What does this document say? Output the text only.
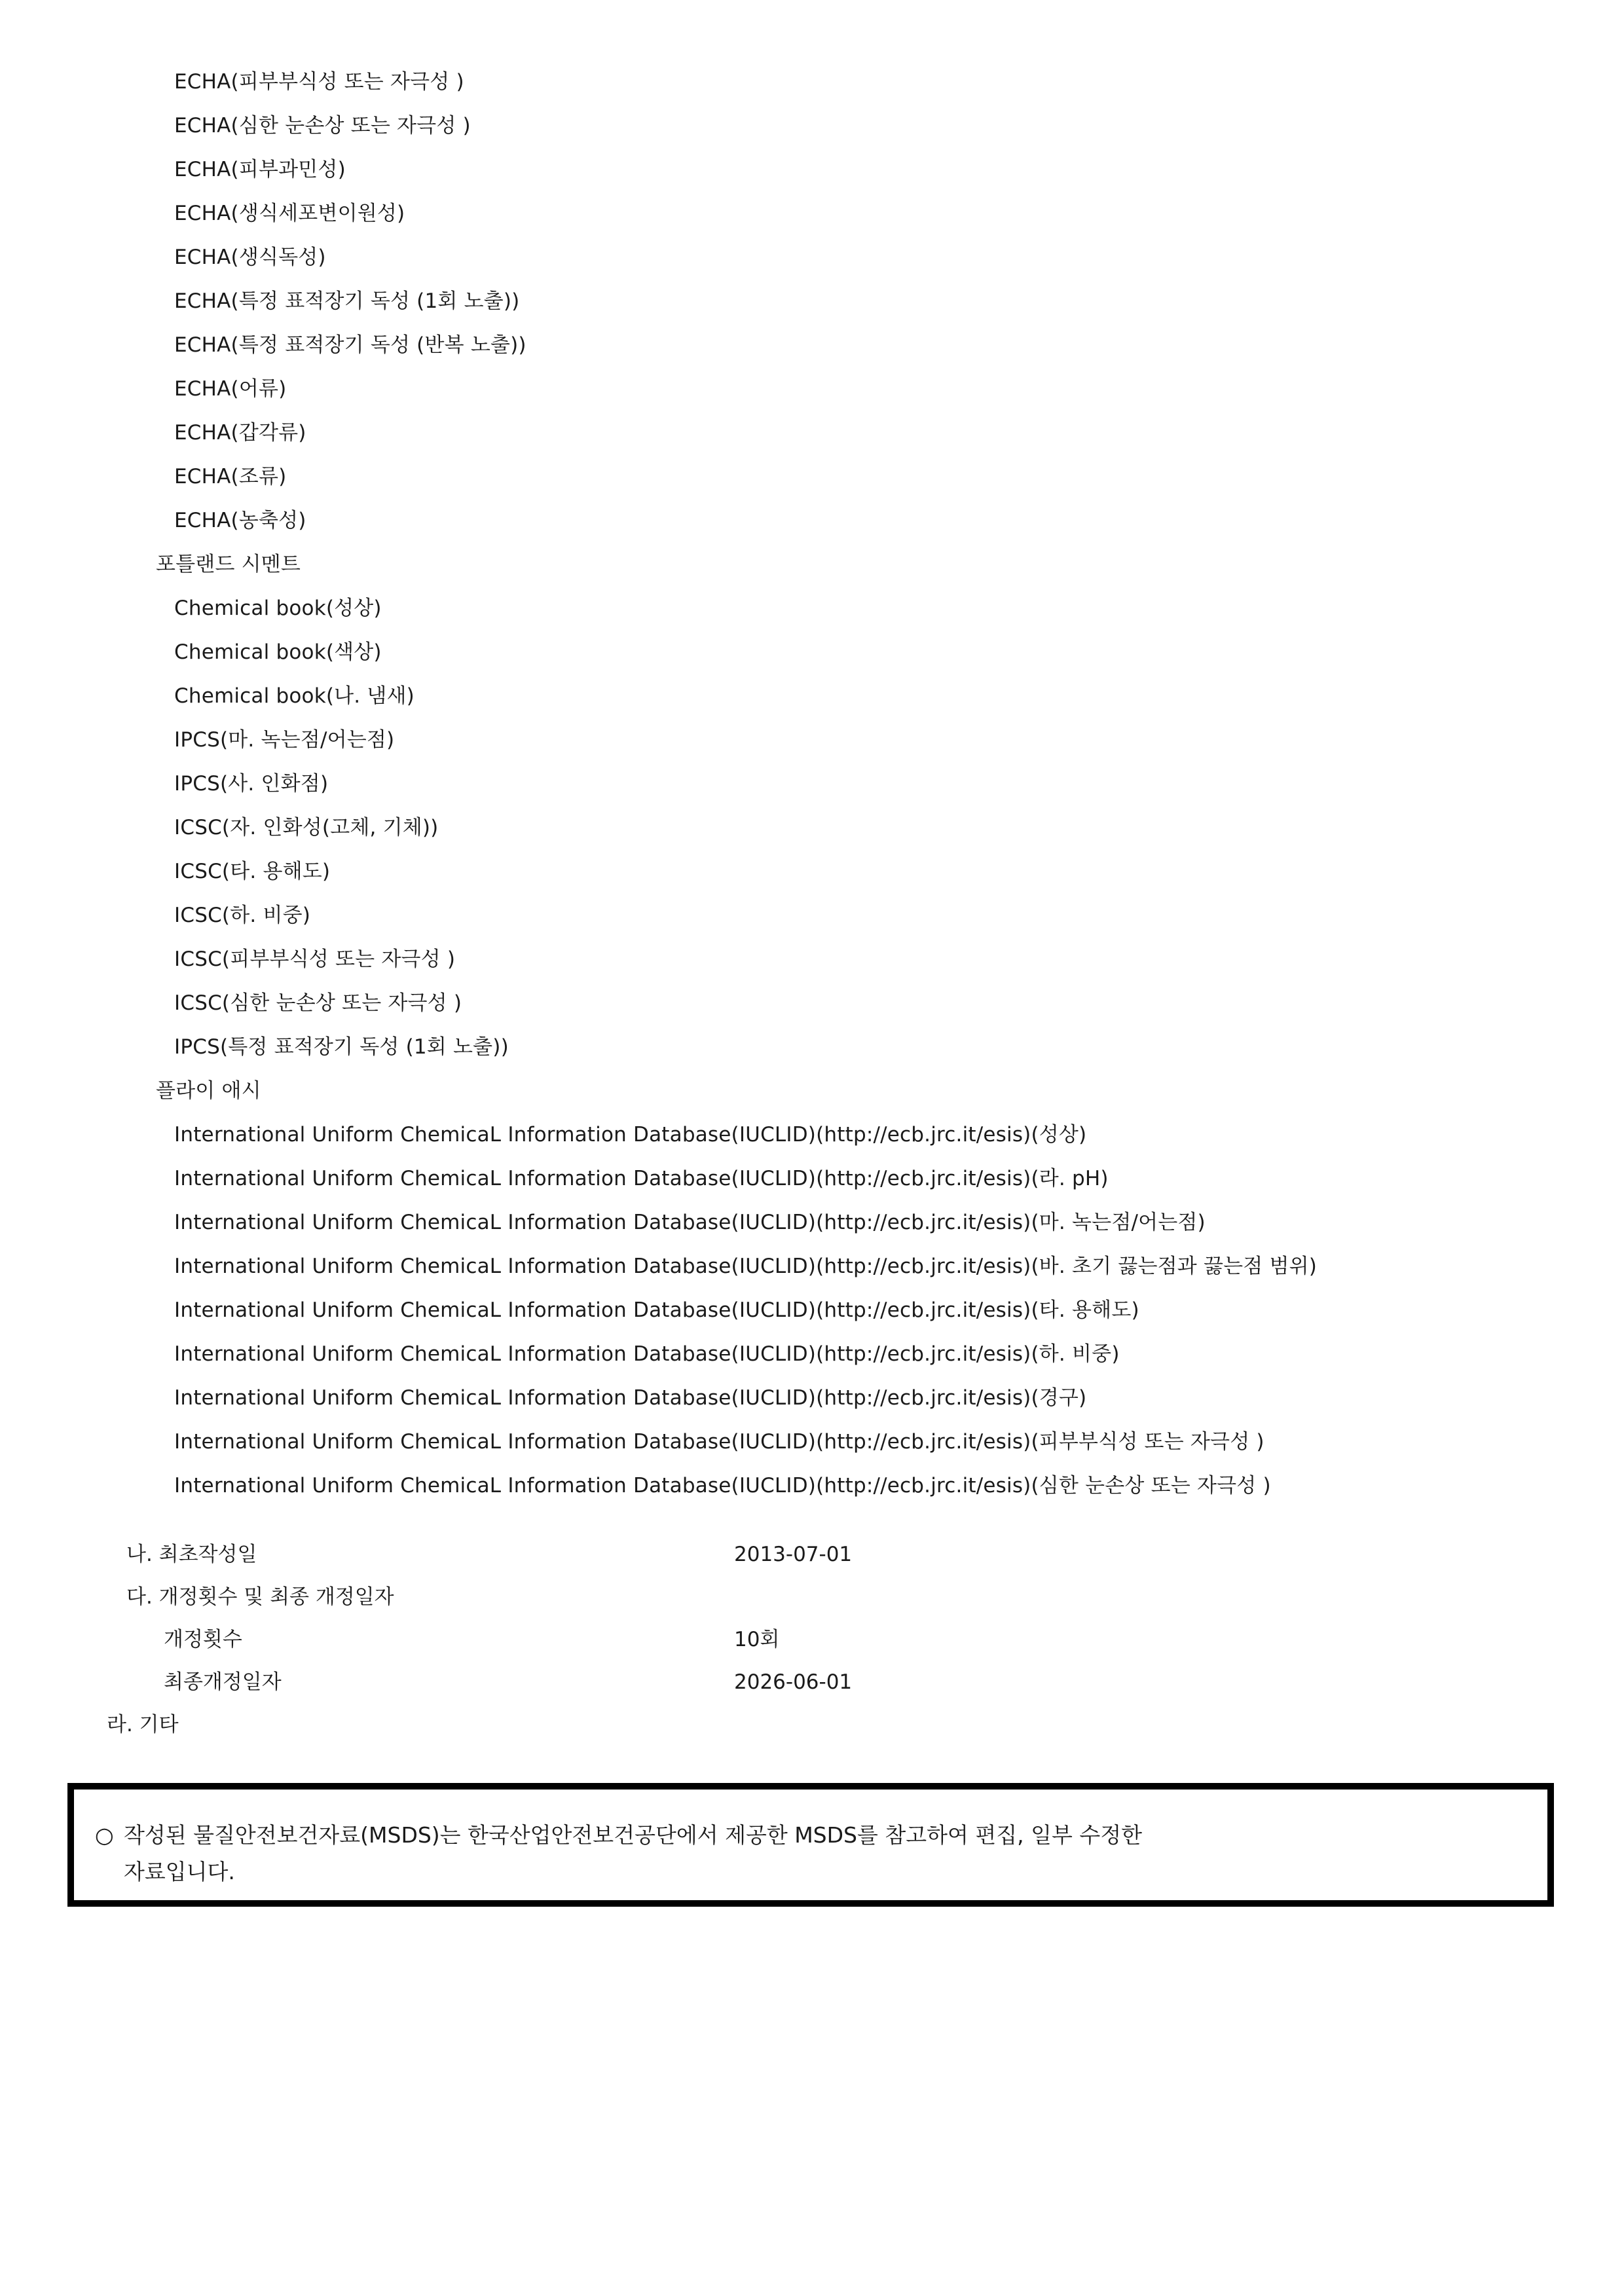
ECHA(피부부식성 또는 자극성 )
ECHA(심한 눈손상 또는 자극성 )
ECHA(피부과민성)
ECHA(생식세포변이원성)
ECHA(생식독성)
ECHA(특정 표적장기 독성 (1회 노출))
ECHA(특정 표적장기 독성 (반복 노출))
ECHA(어류)
ECHA(갑각류)
ECHA(조류)
ECHA(농축성)
포틀랜드 시멘트
Chemical book(성상)
Chemical book(색상)
Chemical book(나. 냄새)
IPCS(마. 녹는점/어는점)
IPCS(사. 인화점)
ICSC(자. 인화성(고체, 기체))
ICSC(타. 용해도)
ICSC(하. 비중)
ICSC(피부부식성 또는 자극성 )
ICSC(심한 눈손상 또는 자극성 )
IPCS(특정 표적장기 독성 (1회 노출))
플라이 애시
International Uniform ChemicaL Information Database(IUCLID)(http://ecb.jrc.it/esis)(성상)
International Uniform ChemicaL Information Database(IUCLID)(http://ecb.jrc.it/esis)(라. pH)
International Uniform ChemicaL Information Database(IUCLID)(http://ecb.jrc.it/esis)(마. 녹는점/어는점)
International Uniform ChemicaL Information Database(IUCLID)(http://ecb.jrc.it/esis)(바. 초기 끓는점과 끓는점 범위)
International Uniform ChemicaL Information Database(IUCLID)(http://ecb.jrc.it/esis)(타. 용해도)
International Uniform ChemicaL Information Database(IUCLID)(http://ecb.jrc.it/esis)(하. 비중)
International Uniform ChemicaL Information Database(IUCLID)(http://ecb.jrc.it/esis)(경구)
International Uniform ChemicaL Information Database(IUCLID)(http://ecb.jrc.it/esis)(피부부식성 또는 자극성 )
International Uniform ChemicaL Information Database(IUCLID)(http://ecb.jrc.it/esis)(심한 눈손상 또는 자극성 )
나. 최초작성일	2013-07-01
다. 개정횟수 및 최종 개정일자
개정횟수	10회
최종개정일자	2026-06-01
라. 기타
○ 작성된 물질안전보건자료(MSDS)는 한국산업안전보건공단에서 제공한 MSDS를 참고하여 편집, 일부 수정한
자료입니다.
